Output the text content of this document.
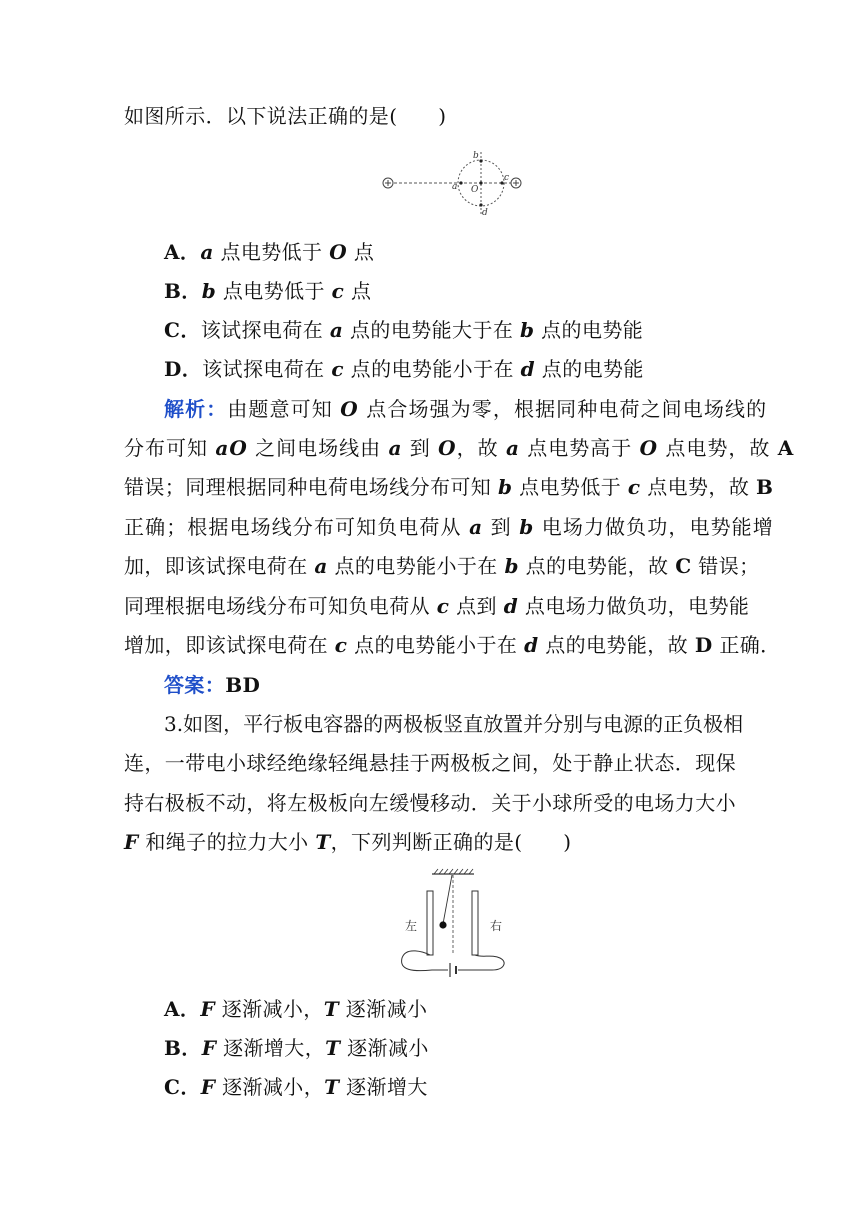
如图所示．以下说法正确的是(　　)
a
b
c
d
O
A．a 点电势低于 O 点
B．b 点电势低于 c 点
C．该试探电荷在 a 点的电势能大于在 b 点的电势能
D．该试探电荷在 c 点的电势能小于在 d 点的电势能
解析：由题意可知 O 点合场强为零，根据同种电荷之间电场线的
分布可知 aO 之间电场线由 a 到 O，故 a 点电势高于 O 点电势，故 A
错误；同理根据同种电荷电场线分布可知 b 点电势低于 c 点电势，故 B
正确；根据电场线分布可知负电荷从 a 到 b 电场力做负功，电势能增
加，即该试探电荷在 a 点的电势能小于在 b 点的电势能，故 C 错误；
同理根据电场线分布可知负电荷从 c 点到 d 点电场力做负功，电势能
增加，即该试探电荷在 c 点的电势能小于在 d 点的电势能，故 D 正确．
答案：BD
3.如图，平行板电容器的两极板竖直放置并分别与电源的正负极相
连，一带电小球经绝缘轻绳悬挂于两极板之间，处于静止状态．现保
持右极板不动，将左极板向左缓慢移动．关于小球所受的电场力大小
F 和绳子的拉力大小 T，下列判断正确的是(　　)
左	右
A．F 逐渐减小，T 逐渐减小
B．F 逐渐增大，T 逐渐减小
C．F 逐渐减小，T 逐渐增大
